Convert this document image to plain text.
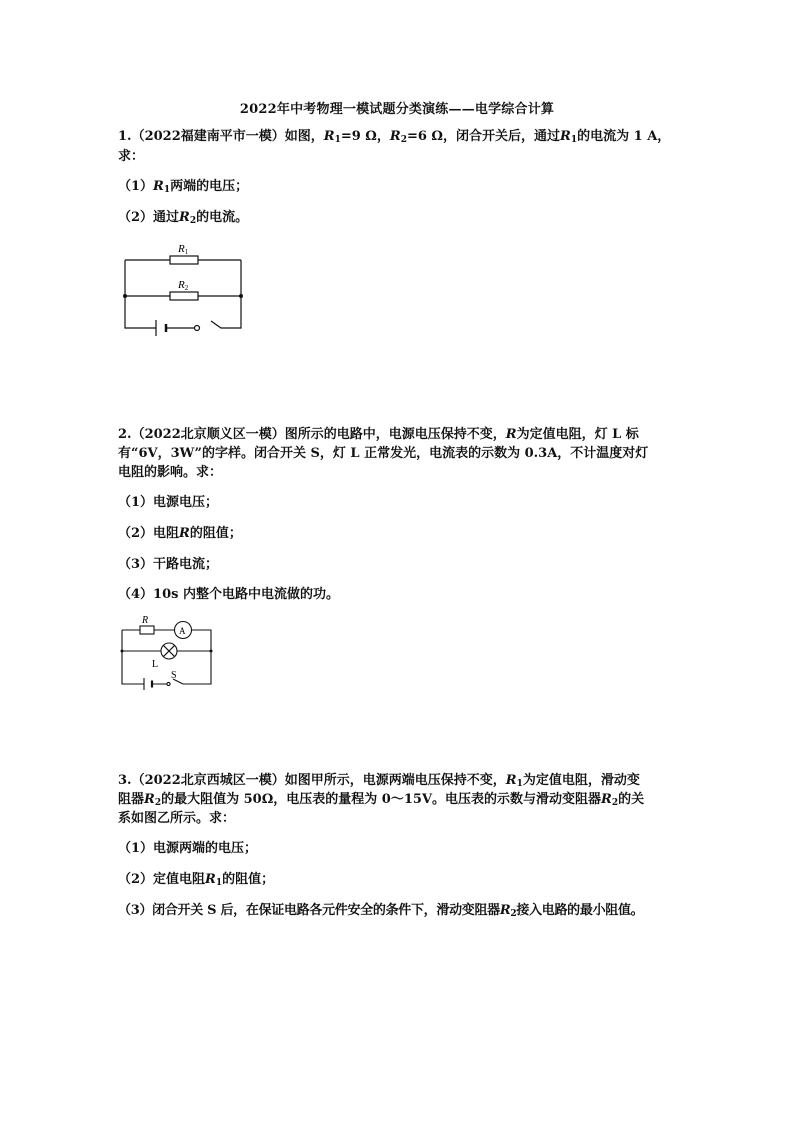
2022年中考物理一模试题分类演练——电学综合计算
1.（2022福建南平市一模）如图，$R_1=9$ Ω，$R_2=6$ Ω，闭合开关后，通过$R_1$的电流为 1 A，
求：
$(1)R_1$两端的电压；
（2）通过$R_2$的电流。
R1
R2
2.（2022北京顺义区一模）图所示的电路中，电源电压保持不变，R为定值电阻，灯 L 标
有“6V，3W”的字样。闭合开关 S，灯 L 正常发光，电流表的示数为 0.3A，不计温度对灯
电阻的影响。求：
（1）电源电压；
（2）电阻R的阻值；
（3）干路电流；
（4）10s 内整个电路中电流做的功。
R
A
L
S
3.（2022北京西城区一模）如图甲所示，电源两端电压保持不变，$R_1$为定值电阻，滑动变
阻器$R_2$的最大阻值为 50Ω，电压表的量程为 0～15V。电压表的示数与滑动变阻器$R_2$的关
系如图乙所示。求：
（1）电源两端的电压；
（2）定值电阻$R_1$的阻值；
（3）闭合开关 S 后，在保证电路各元件安全的条件下，滑动变阻器$R_2$接入电路的最小阻值。
